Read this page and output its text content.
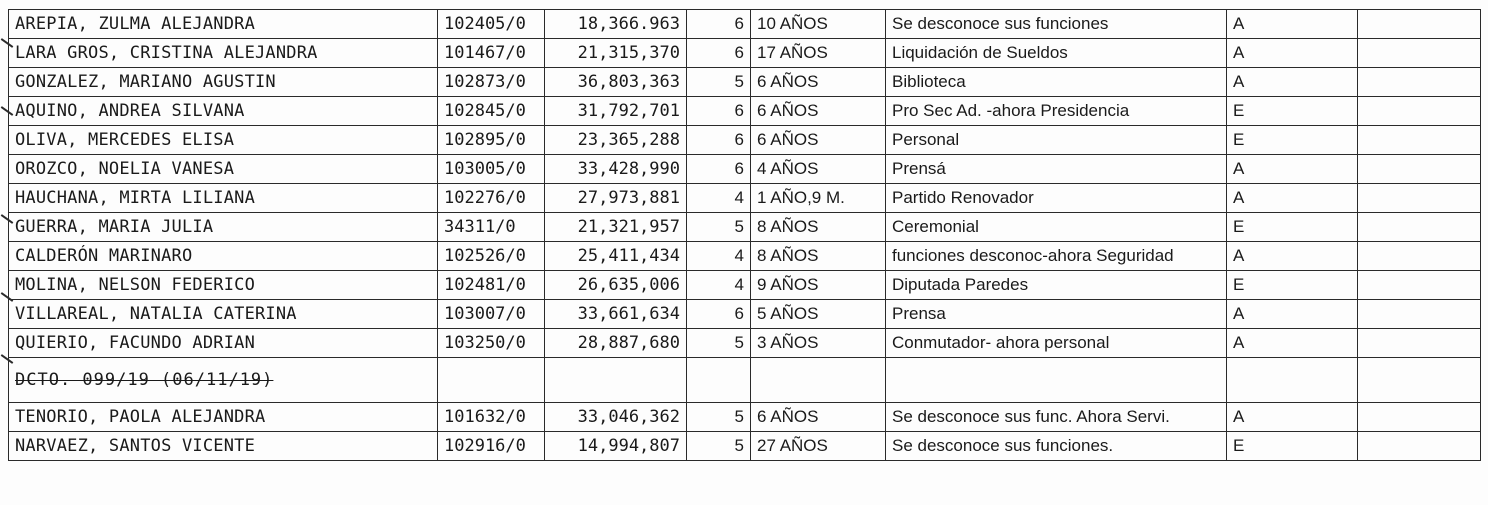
AREPIA, ZULMA ALEJANDRA	102405/0	18,366.963	6	10 AÑOS	Se desconoce sus funciones	A	
LARA GROS, CRISTINA ALEJANDRA	101467/0	21,315,370	6	17 AÑOS	Liquidación de Sueldos	A	
GONZALEZ, MARIANO AGUSTIN	102873/0	36,803,363	5	6 AÑOS	Biblioteca	A	
AQUINO, ANDREA SILVANA	102845/0	31,792,701	6	6 AÑOS	Pro Sec Ad. -ahora Presidencia	E	
OLIVA, MERCEDES ELISA	102895/0	23,365,288	6	6 AÑOS	Personal	E	
OROZCO, NOELIA VANESA	103005/0	33,428,990	6	4 AÑOS	Prensá	A	
HAUCHANA, MIRTA LILIANA	102276/0	27,973,881	4	1 AÑO,9 M.	Partido Renovador	A	
GUERRA, MARIA JULIA	34311/0	21,321,957	5	8 AÑOS	Ceremonial	E	
CALDERÓN MARINARO	102526/0	25,411,434	4	8 AÑOS	funciones desconoc-ahora Seguridad	A	
MOLINA, NELSON FEDERICO	102481/0	26,635,006	4	9 AÑOS	Diputada Paredes	E	
VILLAREAL, NATALIA CATERINA	103007/0	33,661,634	6	5 AÑOS	Prensa	A	
QUIERIO, FACUNDO ADRIAN	103250/0	28,887,680	5	3 AÑOS	Conmutador- ahora personal	A	
DCTO. 099/19 (06/11/19)							
TENORIO, PAOLA ALEJANDRA	101632/0	33,046,362	5	6 AÑOS	Se desconoce sus func. Ahora Servi.	A	
NARVAEZ, SANTOS VICENTE	102916/0	14,994,807	5	27 AÑOS	Se desconoce sus funciones.	E	
